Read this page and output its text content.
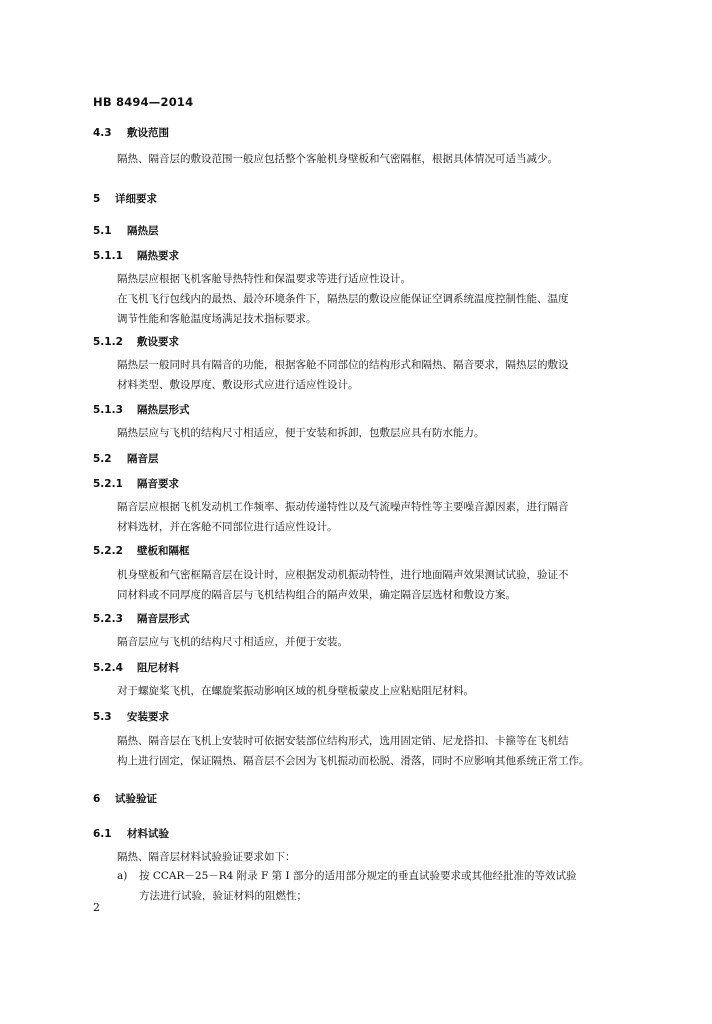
HB 8494—2014
4.3 敷设范围
隔热、隔音层的敷设范围一般应包括整个客舱机身壁板和气密隔框，根据具体情况可适当减少。
5 详细要求
5.1 隔热层
5.1.1 隔热要求
隔热层应根据飞机客舱导热特性和保温要求等进行适应性设计。
在飞机飞行包线内的最热、最冷环境条件下，隔热层的敷设应能保证空调系统温度控制性能、温度
调节性能和客舱温度场满足技术指标要求。
5.1.2 敷设要求
隔热层一般同时具有隔音的功能，根据客舱不同部位的结构形式和隔热、隔音要求，隔热层的敷设
材料类型、敷设厚度、敷设形式应进行适应性设计。
5.1.3 隔热层形式
隔热层应与飞机的结构尺寸相适应，便于安装和拆卸，包敷层应具有防水能力。
5.2 隔音层
5.2.1 隔音要求
隔音层应根据飞机发动机工作频率、振动传递特性以及气流噪声特性等主要噪音源因素，进行隔音
材料选材，并在客舱不同部位进行适应性设计。
5.2.2 壁板和隔框
机身壁板和气密框隔音层在设计时，应根据发动机振动特性，进行地面隔声效果测试试验，验证不
同材料或不同厚度的隔音层与飞机结构组合的隔声效果，确定隔音层选材和敷设方案。
5.2.3 隔音层形式
隔音层应与飞机的结构尺寸相适应，并便于安装。
5.2.4 阻尼材料
对于螺旋桨飞机，在螺旋桨振动影响区域的机身壁板蒙皮上应粘贴阻尼材料。
5.3 安装要求
隔热、隔音层在飞机上安装时可依据安装部位结构形式，选用固定销、尼龙搭扣、卡箍等在飞机结
构上进行固定，保证隔热、隔音层不会因为飞机振动而松脱、滑落，同时不应影响其他系统正常工作。
6 试验验证
6.1 材料试验
隔热、隔音层材料试验验证要求如下：
a) 按 CCAR－25－R4 附录 F 第 I 部分的适用部分规定的垂直试验要求或其他经批准的等效试验
方法进行试验，验证材料的阻燃性；
2
